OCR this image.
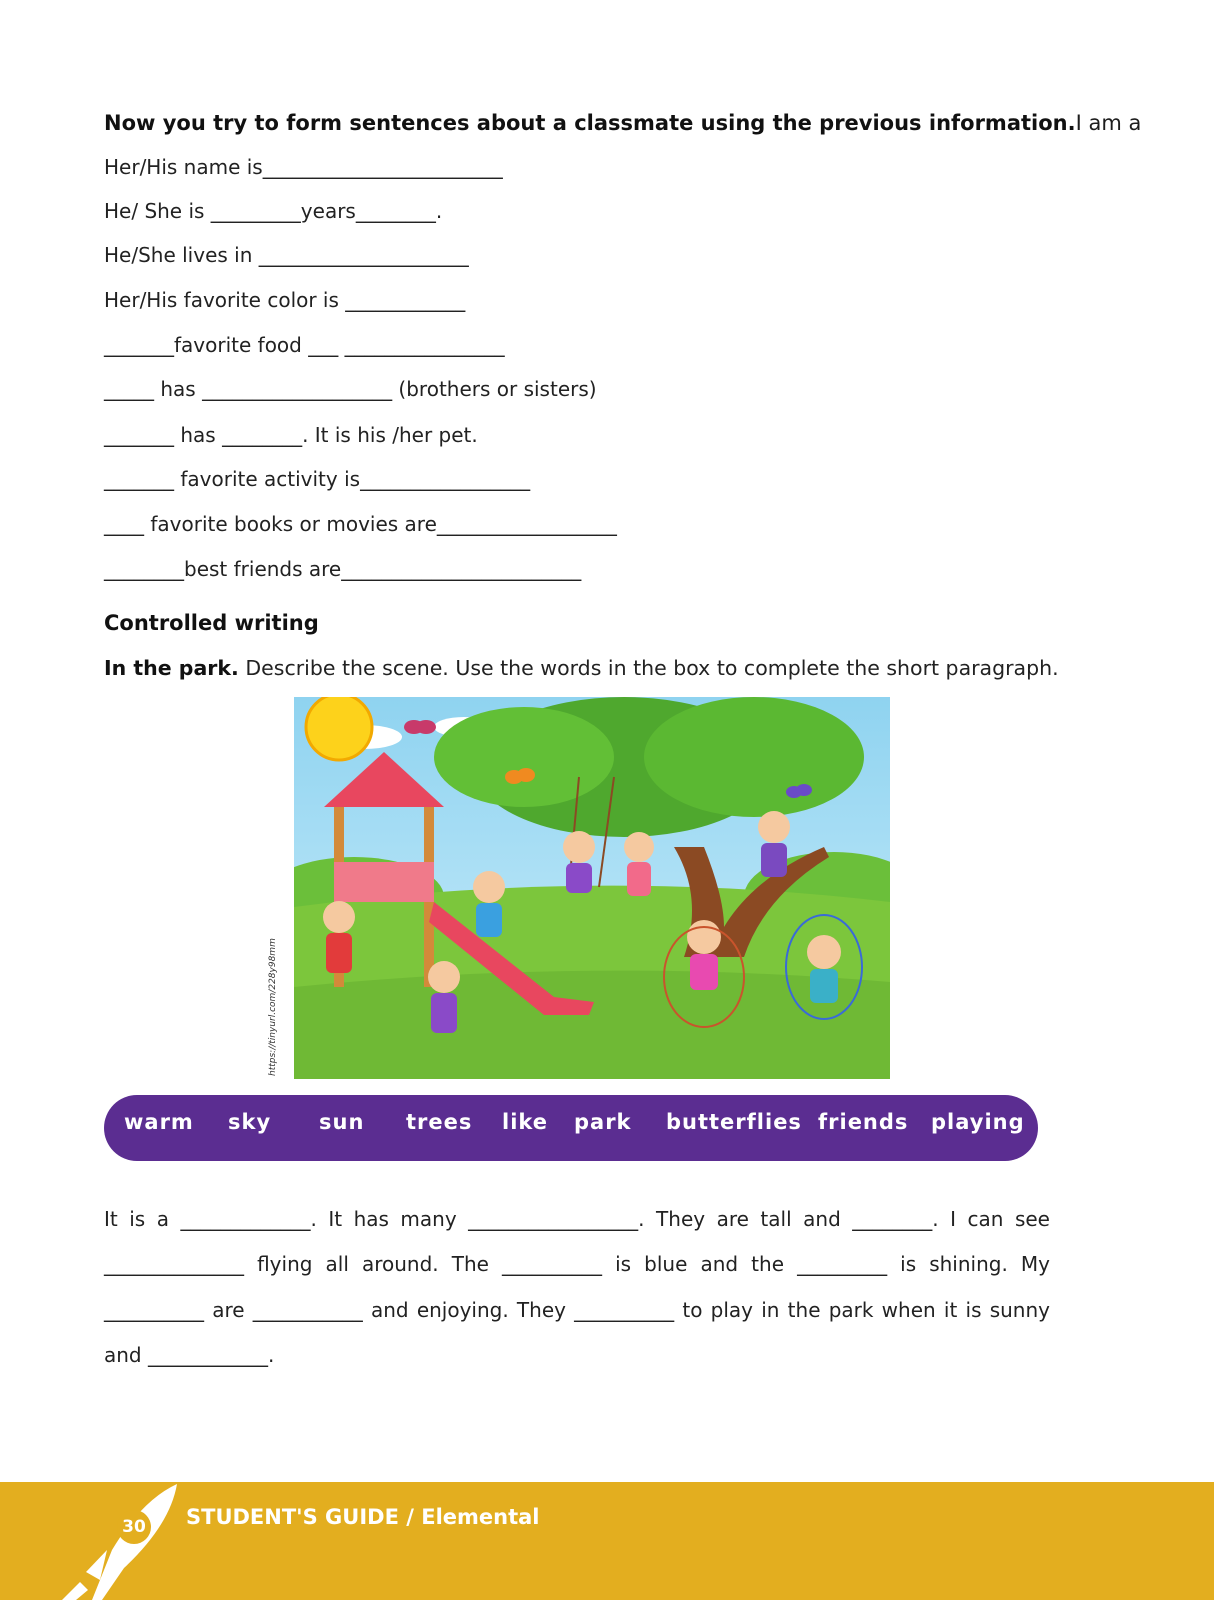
Now you try to form sentences about a classmate using the previous information.I am a
Her/His name is________________________
He/ She is _________years________.
He/She lives in _____________________
Her/His favorite color is ____________
_______favorite food ___ ________________
_____ has ___________________ (brothers or sisters)
_______ has ________. It is his /her pet.
_______ favorite activity is_________________
____ favorite books or movies are__________________
________best friends are________________________
Controlled writing
In the park. Describe the scene. Use the words in the box to complete the short paragraph.
https://tinyurl.com/228y98mm
warm sky sun trees like park butterflies friends playing
It is a _____________. It has many _________________. They are tall and ________. I can see ______________ flying all around. The __________ is blue and the _________ is shining. My __________ are ___________ and enjoying. They __________ to play in the park when it is sunny and ____________.
30 STUDENT'S GUIDE / Elemental
